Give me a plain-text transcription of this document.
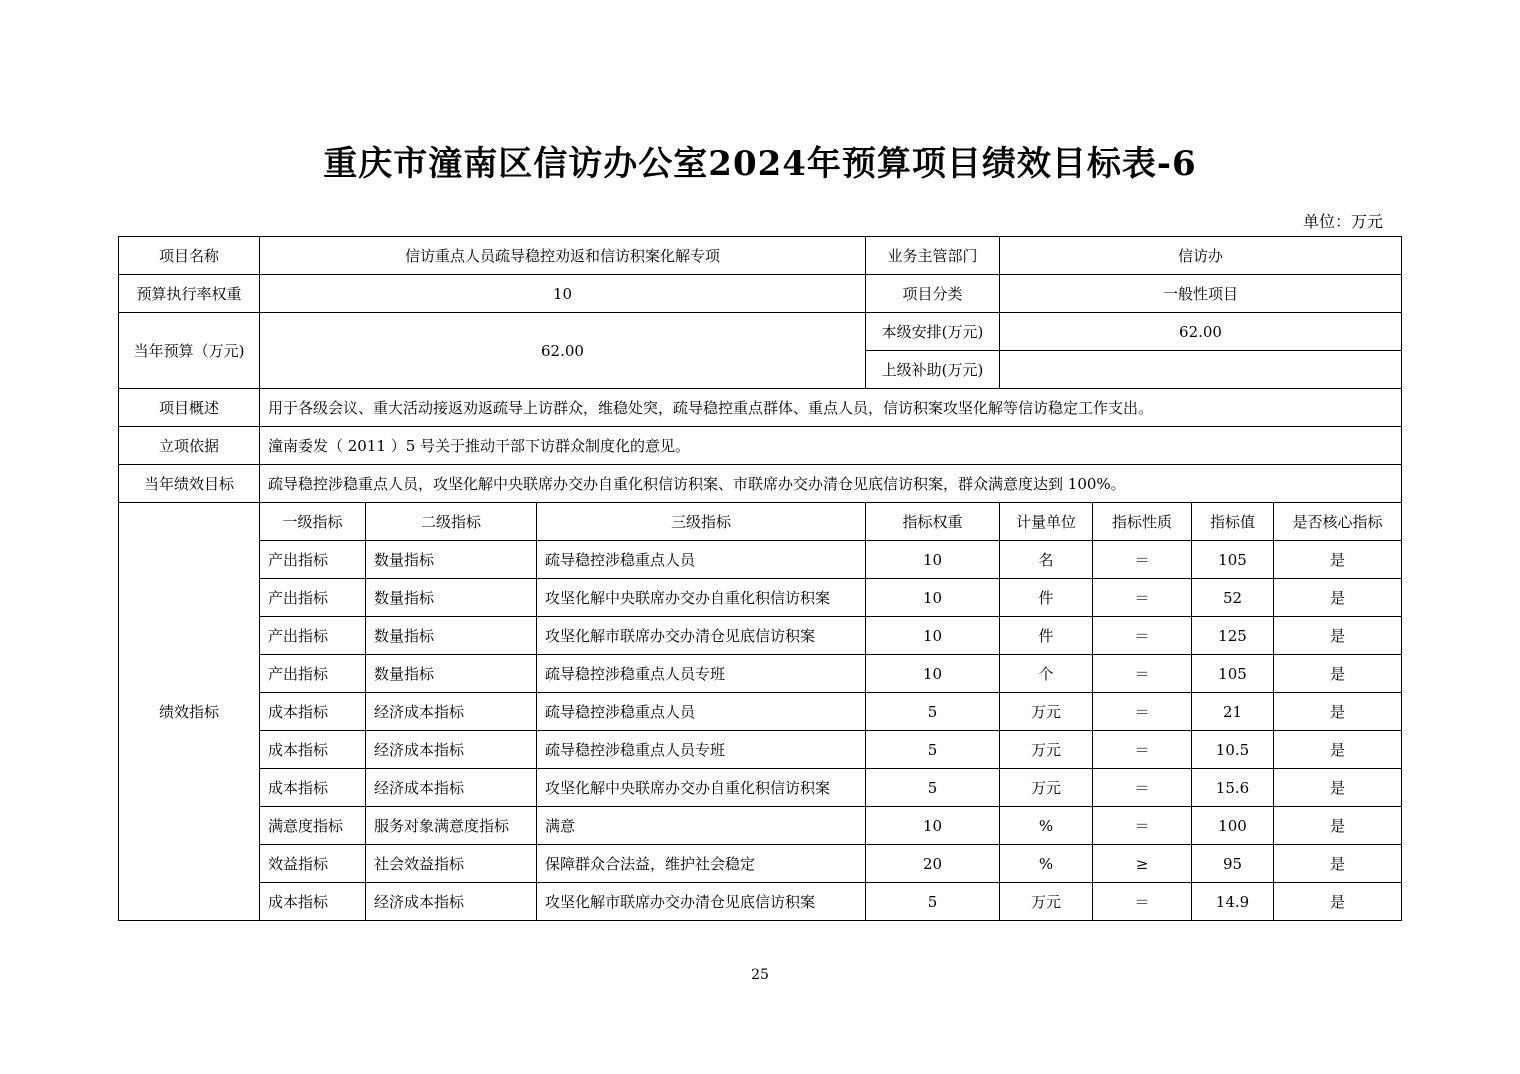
重庆市潼南区信访办公室2024年预算项目绩效目标表-6
单位：万元
项目名称	信访重点人员疏导稳控劝返和信访积案化解专项			业务主管部门	信访办			
预算执行率权重	10			项目分类	一般性项目			
当年预算（万元)	62.00			本级安排(万元)	62.00			
				上级补助(万元)				
项目概述	用于各级会议、重大活动接返劝返疏导上访群众，维稳处突，疏导稳控重点群体、重点人员，信访积案攻坚化解等信访稳定工作支出。							
立项依据	潼南委发（ 2011 ）5 号关于推动干部下访群众制度化的意见。							
当年绩效目标	疏导稳控涉稳重点人员，攻坚化解中央联席办交办自重化积信访积案、市联席办交办清仓见底信访积案，群众满意度达到 100%。							
绩效指标	一级指标	二级指标	三级指标	指标权重	计量单位	指标性质	指标值	是否核心指标
	产出指标	数量指标	疏导稳控涉稳重点人员	10	名	＝	105	是
	产出指标	数量指标	攻坚化解中央联席办交办自重化积信访积案	10	件	＝	52	是
	产出指标	数量指标	攻坚化解市联席办交办清仓见底信访积案	10	件	＝	125	是
	产出指标	数量指标	疏导稳控涉稳重点人员专班	10	个	＝	105	是
	成本指标	经济成本指标	疏导稳控涉稳重点人员	5	万元	＝	21	是
	成本指标	经济成本指标	疏导稳控涉稳重点人员专班	5	万元	＝	10.5	是
	成本指标	经济成本指标	攻坚化解中央联席办交办自重化积信访积案	5	万元	＝	15.6	是
	满意度指标	服务对象满意度指标	满意	10	%	＝	100	是
	效益指标	社会效益指标	保障群众合法益，维护社会稳定	20	%	≥	95	是
	成本指标	经济成本指标	攻坚化解市联席办交办清仓见底信访积案	5	万元	＝	14.9	是
25
